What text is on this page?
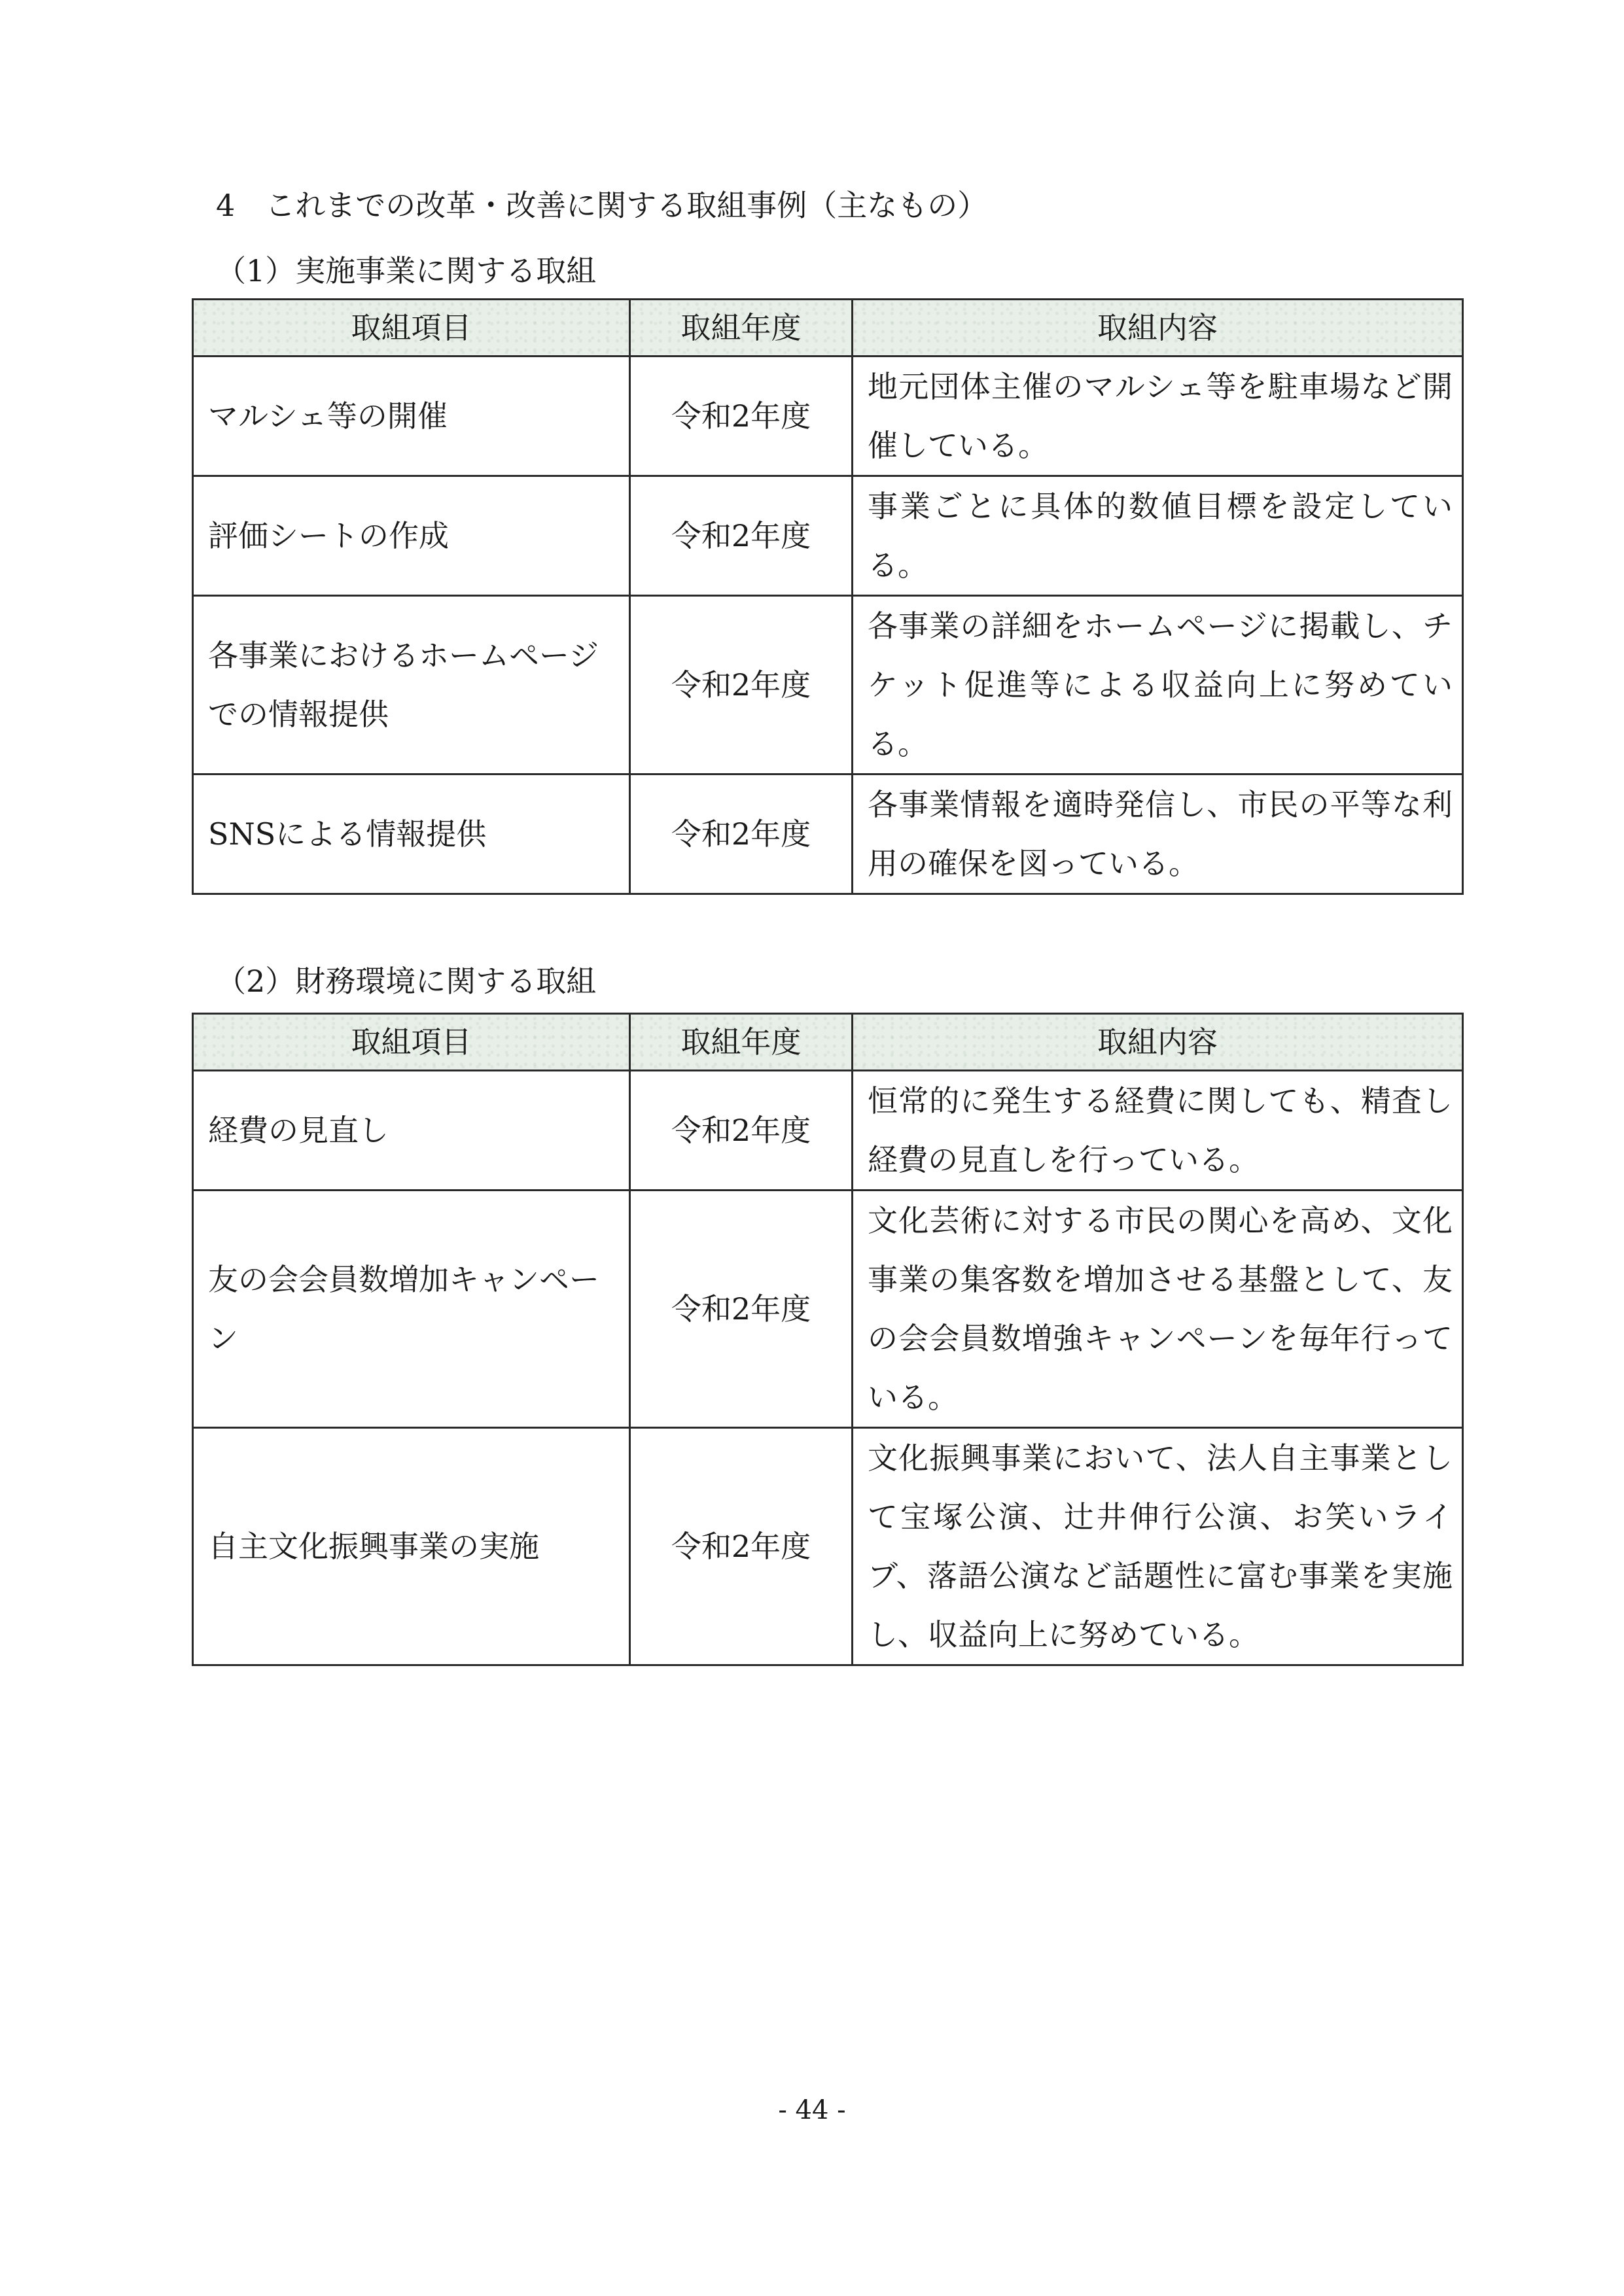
4　これまでの改革・改善に関する取組事例（主なもの）
（1）実施事業に関する取組
取組項目	取組年度	取組内容
マルシェ等の開催	令和2年度	地元団体主催のマルシェ等を駐車場など開催している。
評価シートの作成	令和2年度	事業ごとに具体的数値目標を設定している。
各事業におけるホームページでの情報提供	令和2年度	各事業の詳細をホームページに掲載し、チケット促進等による収益向上に努めている。
SNSによる情報提供	令和2年度	各事業情報を適時発信し、市民の平等な利用の確保を図っている。
（2）財務環境に関する取組
取組項目	取組年度	取組内容
経費の見直し	令和2年度	恒常的に発生する経費に関しても、精査し経費の見直しを行っている。
友の会会員数増加キャンペーン	令和2年度	文化芸術に対する市民の関心を高め、文化事業の集客数を増加させる基盤として、友の会会員数増強キャンペーンを毎年行っている。
自主文化振興事業の実施	令和2年度	文化振興事業において、法人自主事業として宝塚公演、辻井伸行公演、お笑いライブ、落語公演など話題性に富む事業を実施し、収益向上に努めている。
- 44 -
